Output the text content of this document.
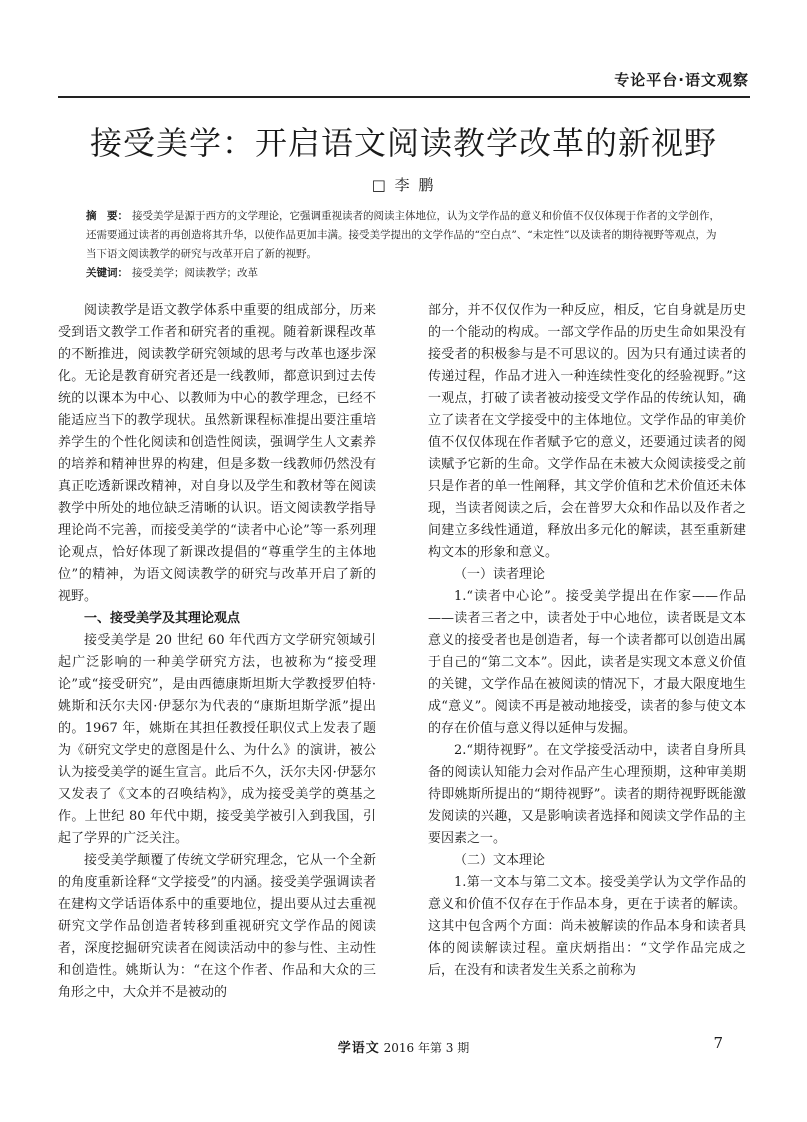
专论平台·语文观察
接受美学：开启语文阅读教学改革的新视野
□ 李 鹏

摘　要： 接受美学是源于西方的文学理论，它强调重视读者的阅读主体地位，认为文学作品的意义和价值不仅仅体现于作者的文学创作，还需要通过读者的再创造将其升华，以使作品更加丰满。接受美学提出的文学作品的“空白点”、“未定性”以及读者的期待视野等观点，为当下语文阅读教学的研究与改革开启了新的视野。

关键词： 接受美学；阅读教学；改革

阅读教学是语文教学体系中重要的组成部分，历来受到语文教学工作者和研究者的重视。随着新课程改革的不断推进，阅读教学研究领域的思考与改革也逐步深化。无论是教育研究者还是一线教师，都意识到过去传统的以课本为中心、以教师为中心的教学理念，已经不能适应当下的教学现状。虽然新课程标准提出要注重培养学生的个性化阅读和创造性阅读，强调学生人文素养的培养和精神世界的构建，但是多数一线教师仍然没有真正吃透新课改精神，对自身以及学生和教材等在阅读教学中所处的地位缺乏清晰的认识。语文阅读教学指导理论尚不完善，而接受美学的“读者中心论”等一系列理论观点，恰好体现了新课改提倡的“尊重学生的主体地位”的精神，为语文阅读教学的研究与改革开启了新的视野。

一、接受美学及其理论观点

接受美学是 20 世纪 60 年代西方文学研究领域引起广泛影响的一种美学研究方法，也被称为“接受理论”或“接受研究”，是由西德康斯坦斯大学教授罗伯特·姚斯和沃尔夫冈·伊瑟尔为代表的“康斯坦斯学派”提出的。1967 年，姚斯在其担任教授任职仪式上发表了题为《研究文学史的意图是什么、为什么》的演讲，被公认为接受美学的诞生宣言。此后不久，沃尔夫冈·伊瑟尔又发表了《文本的召唤结构》，成为接受美学的奠基之作。上世纪 80 年代中期，接受美学被引入到我国，引起了学界的广泛关注。

接受美学颠覆了传统文学研究理念，它从一个全新的角度重新诠释“文学接受”的内涵。接受美学强调读者在建构文学话语体系中的重要地位，提出要从过去重视研究文学作品创造者转移到重视研究文学作品的阅读者，深度挖掘研究读者在阅读活动中的参与性、主动性和创造性。姚斯认为：“在这个作者、作品和大众的三角形之中，大众并不是被动的

部分，并不仅仅作为一种反应，相反，它自身就是历史的一个能动的构成。一部文学作品的历史生命如果没有接受者的积极参与是不可思议的。因为只有通过读者的传递过程，作品才进入一种连续性变化的经验视野。”这一观点，打破了读者被动接受文学作品的传统认知，确立了读者在文学接受中的主体地位。文学作品的审美价值不仅仅体现在作者赋予它的意义，还要通过读者的阅读赋予它新的生命。文学作品在未被大众阅读接受之前只是作者的单一性阐释，其文学价值和艺术价值还未体现，当读者阅读之后，会在普罗大众和作品以及作者之间建立多线性通道，释放出多元化的解读，甚至重新建构文本的形象和意义。

（一）读者理论

1.“读者中心论”。接受美学提出在作家——作品——读者三者之中，读者处于中心地位，读者既是文本意义的接受者也是创造者，每一个读者都可以创造出属于自己的“第二文本”。因此，读者是实现文本意义价值的关键，文学作品在被阅读的情况下，才最大限度地生成“意义”。阅读不再是被动地接受，读者的参与使文本的存在价值与意义得以延伸与发掘。

2.“期待视野”。在文学接受活动中，读者自身所具备的阅读认知能力会对作品产生心理预期，这种审美期待即姚斯所提出的“期待视野”。读者的期待视野既能激发阅读的兴趣，又是影响读者选择和阅读文学作品的主要因素之一。

（二）文本理论

1.第一文本与第二文本。接受美学认为文学作品的意义和价值不仅存在于作品本身，更在于读者的解读。这其中包含两个方面：尚未被解读的作品本身和读者具体的阅读解读过程。童庆炳指出：“文学作品完成之后，在没有和读者发生关系之前称为

学语文 2016 年第 3 期	7
